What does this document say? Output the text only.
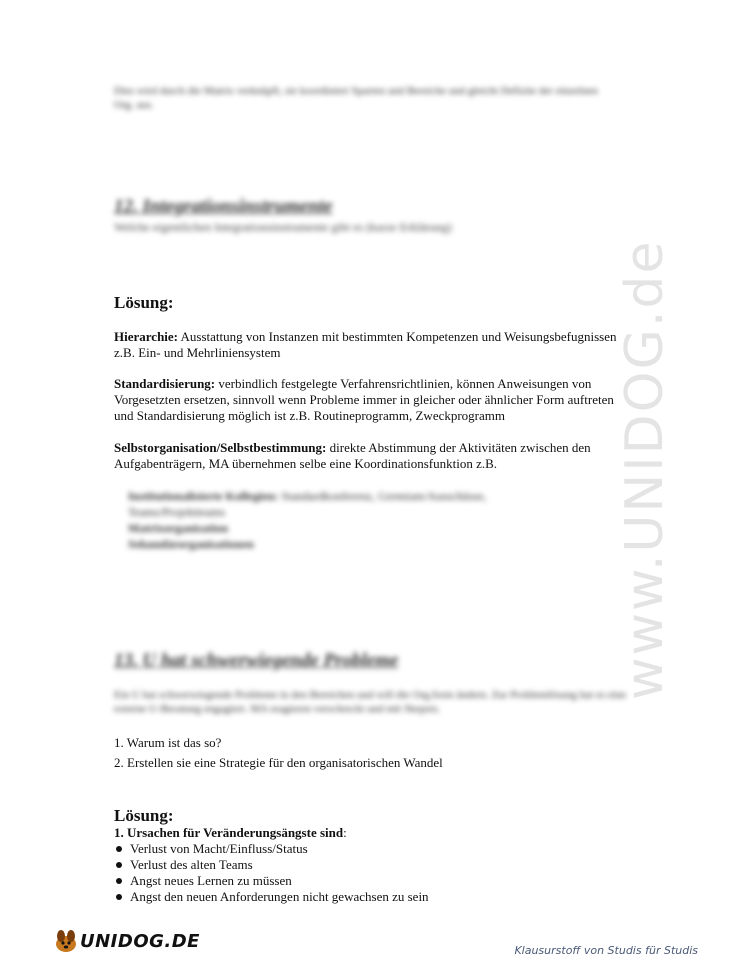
www.UNIDOG.de
Dies wird durch die Matrix verknüpft, sie koordiniert Sparten und Bereiche und gleicht Defizite der einzelnen Org. aus.
12. Integrationsinstrumente
Welche eigentlichen Integrationsinstrumente gibt es (kurze Erklärung)
Lösung:
Hierarchie: Ausstattung von Instanzen mit bestimmten Kompetenzen und Weisungsbefugnissen z.B. Ein- und Mehrliniensystem
Standardisierung: verbindlich festgelegte Verfahrensrichtlinien, können Anweisungen von Vorgesetzten ersetzen, sinnvoll wenn Probleme immer in gleicher oder ähnlicher Form auftreten und Standardisierung möglich ist z.B. Routineprogramm, Zweckprogramm
Selbstorganisation/Selbstbestimmung: direkte Abstimmung der Aktivitäten zwischen den Aufgabenträgern, MA übernehmen selbe eine Koordinationsfunktion z.B.
Institutionalisierte Kollegien: Standardkonferenz, Gremium/Ausschüsse, Teams/Projektteams
Matrixorganisation
Sekundärorganisationen
13. U hat schwerwiegende Probleme
Ein U hat schwerwiegende Probleme in den Bereichen und will die Org.form ändern. Zur Problemlösung hat es eine externe U-Beratung engagiert. MA reagieren verschreckt und mit Skepsis.
1. Warum ist das so?
2. Erstellen sie eine Strategie für den organisatorischen Wandel
Lösung:
1. Ursachen für Veränderungsängste sind:
Verlust von Macht/Einfluss/Status
Verlust des alten Teams
Angst neues Lernen zu müssen
Angst den neuen Anforderungen nicht gewachsen zu sein
UNIDOG.DE	Klausurstoff von Studis für Studis
